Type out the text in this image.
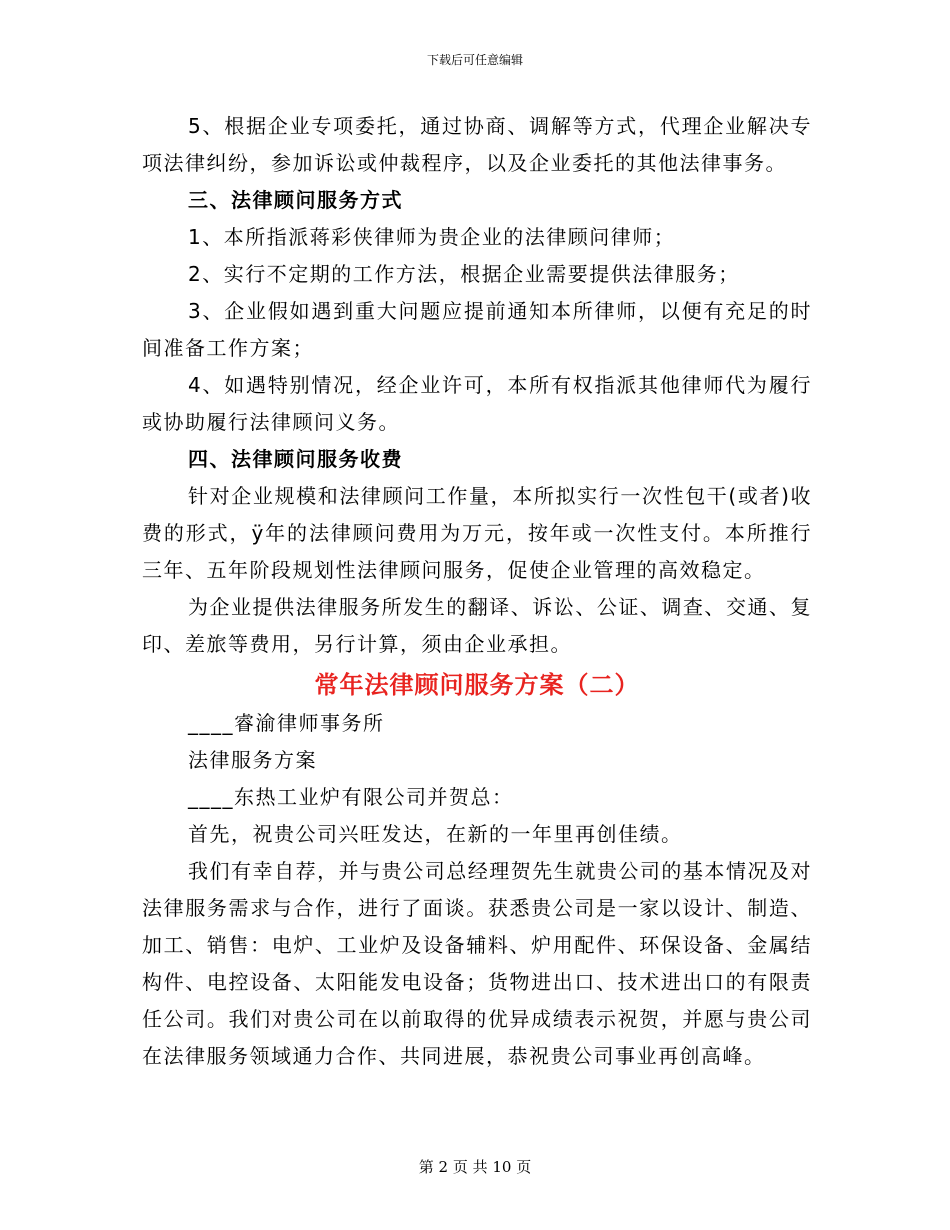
下载后可任意编辑

5、根据企业专项委托，通过协商、调解等方式，代理企业解决专项法律纠纷，参加诉讼或仲裁程序，以及企业委托的其他法律事务。

三、法律顾问服务方式

1、本所指派蒋彩侠律师为贵企业的法律顾问律师；

2、实行不定期的工作方法，根据企业需要提供法律服务；

3、企业假如遇到重大问题应提前通知本所律师，以便有充足的时间准备工作方案；

4、如遇特别情况，经企业许可，本所有权指派其他律师代为履行或协助履行法律顾问义务。

四、法律顾问服务收费

针对企业规模和法律顾问工作量，本所拟实行一次性包干(或者)收费的形式，ÿ年的法律顾问费用为万元，按年或一次性支付。本所推行三年、五年阶段规划性法律顾问服务，促使企业管理的高效稳定。

为企业提供法律服务所发生的翻译、诉讼、公证、调查、交通、复印、差旅等费用，另行计算，须由企业承担。

常年法律顾问服务方案（二）

____睿渝律师事务所

法律服务方案

____东热工业炉有限公司并贺总：

首先，祝贵公司兴旺发达，在新的一年里再创佳绩。

我们有幸自荐，并与贵公司总经理贺先生就贵公司的基本情况及对法律服务需求与合作，进行了面谈。获悉贵公司是一家以设计、制造、加工、销售：电炉、工业炉及设备辅料、炉用配件、环保设备、金属结构件、电控设备、太阳能发电设备；货物进出口、技术进出口的有限责任公司。我们对贵公司在以前取得的优异成绩表示祝贺，并愿与贵公司在法律服务领域通力合作、共同进展，恭祝贵公司事业再创高峰。

第 2 页 共 10 页
